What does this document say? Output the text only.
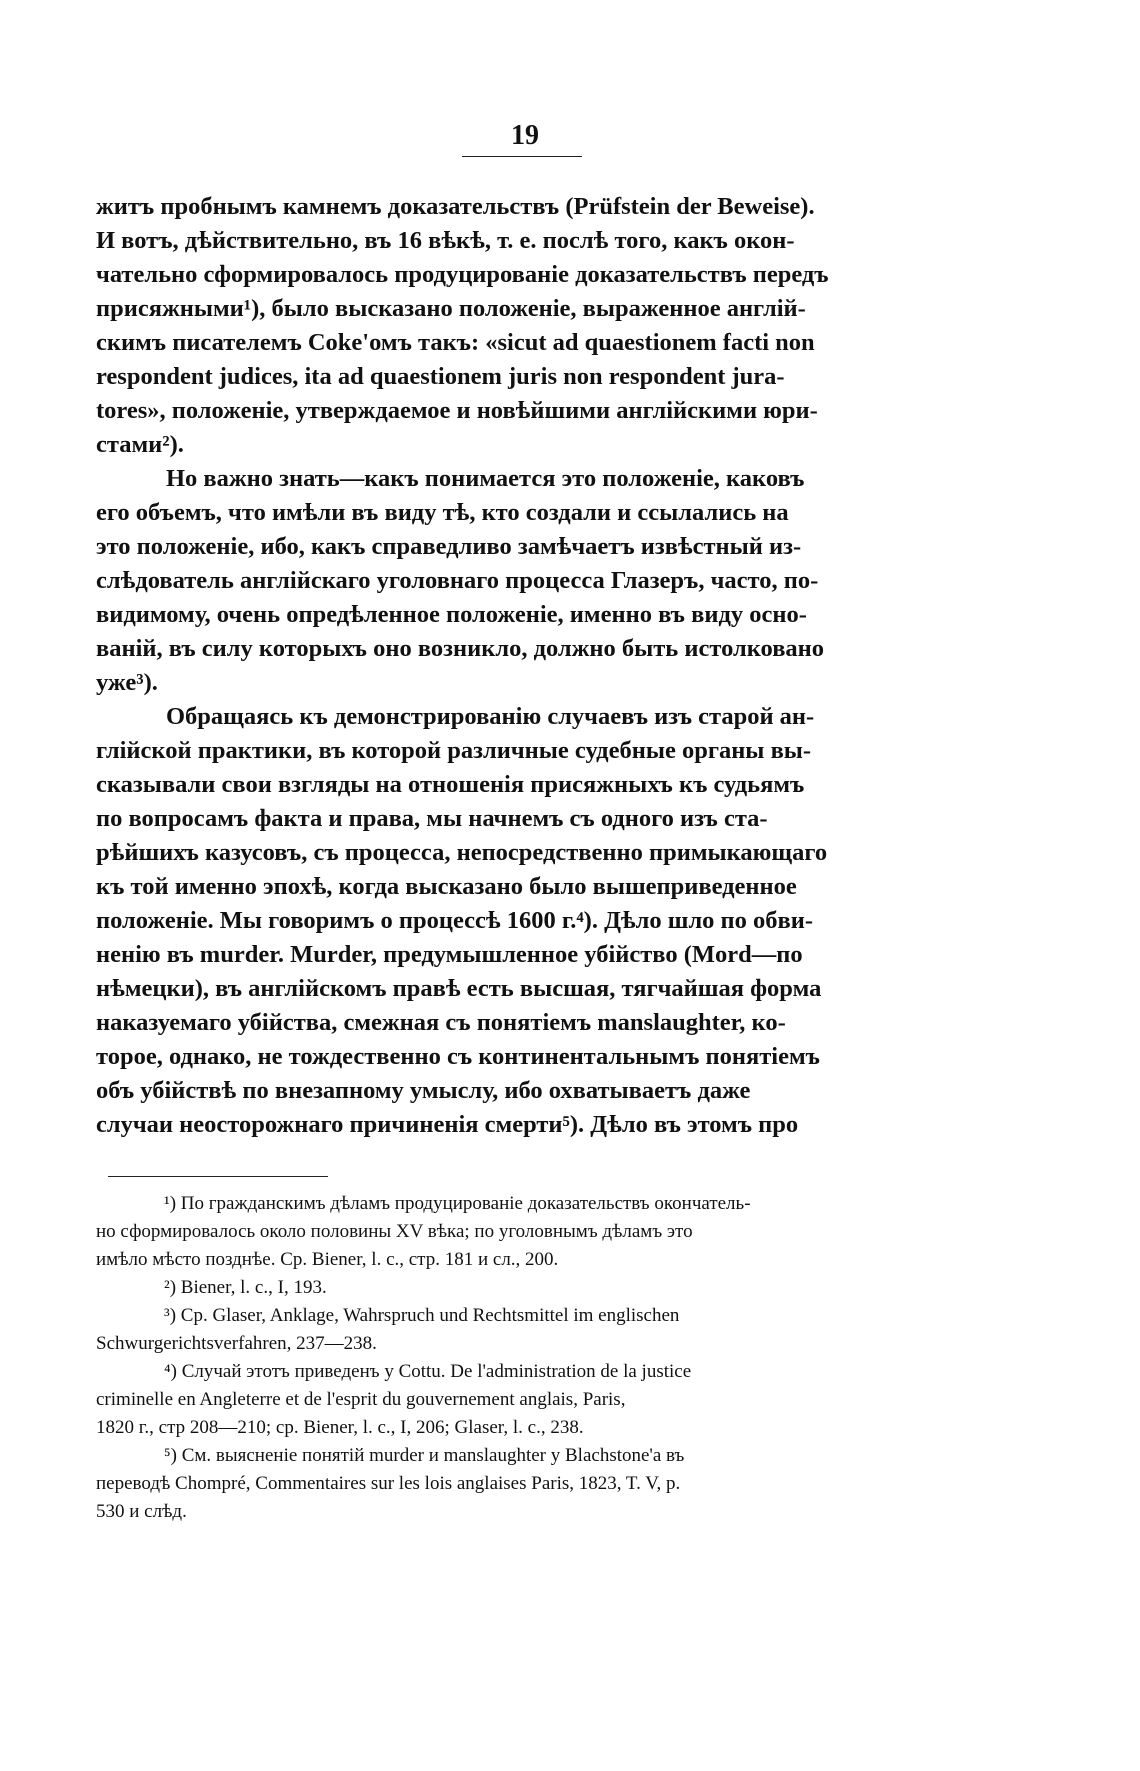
19

житъ пробнымъ камнемъ доказательствъ (Prüfstein der Beweise).
И вотъ, дѣйствительно, въ 16 вѣкѣ, т. е. послѣ того, какъ окон-
чательно сформировалось продуцированіе доказательствъ передъ
присяжными¹), было высказано положеніе, выраженное англій-
скимъ писателемъ Coke'омъ такъ: «sicut ad quaestionem facti non
respondent judices, ita ad quaestionem juris non respondent jura-
tores», положеніе, утверждаемое и новѣйшими англійскими юри-
стами²).

Но важно знать—какъ понимается это положеніе, каковъ
его объемъ, что имѣли въ виду тѣ, кто создали и ссылались на
это положеніе, ибо, какъ справедливо замѣчаетъ извѣстный из-
слѣдователь англійскаго уголовнаго процесса Глазеръ, часто, по-
видимому, очень опредѣленное положеніе, именно въ виду осно-
ваній, въ силу которыхъ оно возникло, должно быть истолковано
уже³).

Обращаясь къ демонстрированію случаевъ изъ старой ан-
глійской практики, въ которой различные судебные органы вы-
сказывали свои взгляды на отношенія присяжныхъ къ судьямъ
по вопросамъ факта и права, мы начнемъ съ одного изъ ста-
рѣйшихъ казусовъ, съ процесса, непосредственно примыкающаго
къ той именно эпохѣ, когда высказано было вышеприведенное
положеніе. Мы говоримъ о процессѣ 1600 г.⁴). Дѣло шло по обви-
ненію въ murder. Murder, предумышленное убійство (Mord—по
нѣмецки), въ англійскомъ правѣ есть высшая, тягчайшая форма
наказуемаго убійства, смежная съ понятіемъ manslaughter, ко-
торое, однако, не тождественно съ континентальнымъ понятіемъ
объ убійствѣ по внезапному умыслу, ибо охватываетъ даже
случаи неосторожнаго причиненія смерти⁵). Дѣло въ этомъ про

¹) По гражданскимъ дѣламъ продуцированіе доказательствъ окончатель-
но сформировалось около половины XV вѣка; по уголовнымъ дѣламъ это
имѣло мѣсто позднѣе. Ср. Biener, l. c., стр. 181 и сл., 200.

²) Biener, l. c., I, 193.

³) Ср. Glaser, Anklage, Wahrspruch und Rechtsmittel im englischen
Schwurgerichtsverfahren, 237—238.

⁴) Случай этотъ приведенъ у Cottu. De l'administration de la justice
criminelle en Angleterre et de l'esprit du gouvernement anglais, Paris,
1820 г., стр 208—210; ср. Biener, l. c., I, 206; Glaser, l. c., 238.

⁵) См. выясненіе понятій murder и manslaughter у Blachstone'а въ
переводѣ Chompré, Commentaires sur les lois anglaises Paris, 1823, T. V, p.
530 и слѣд.
